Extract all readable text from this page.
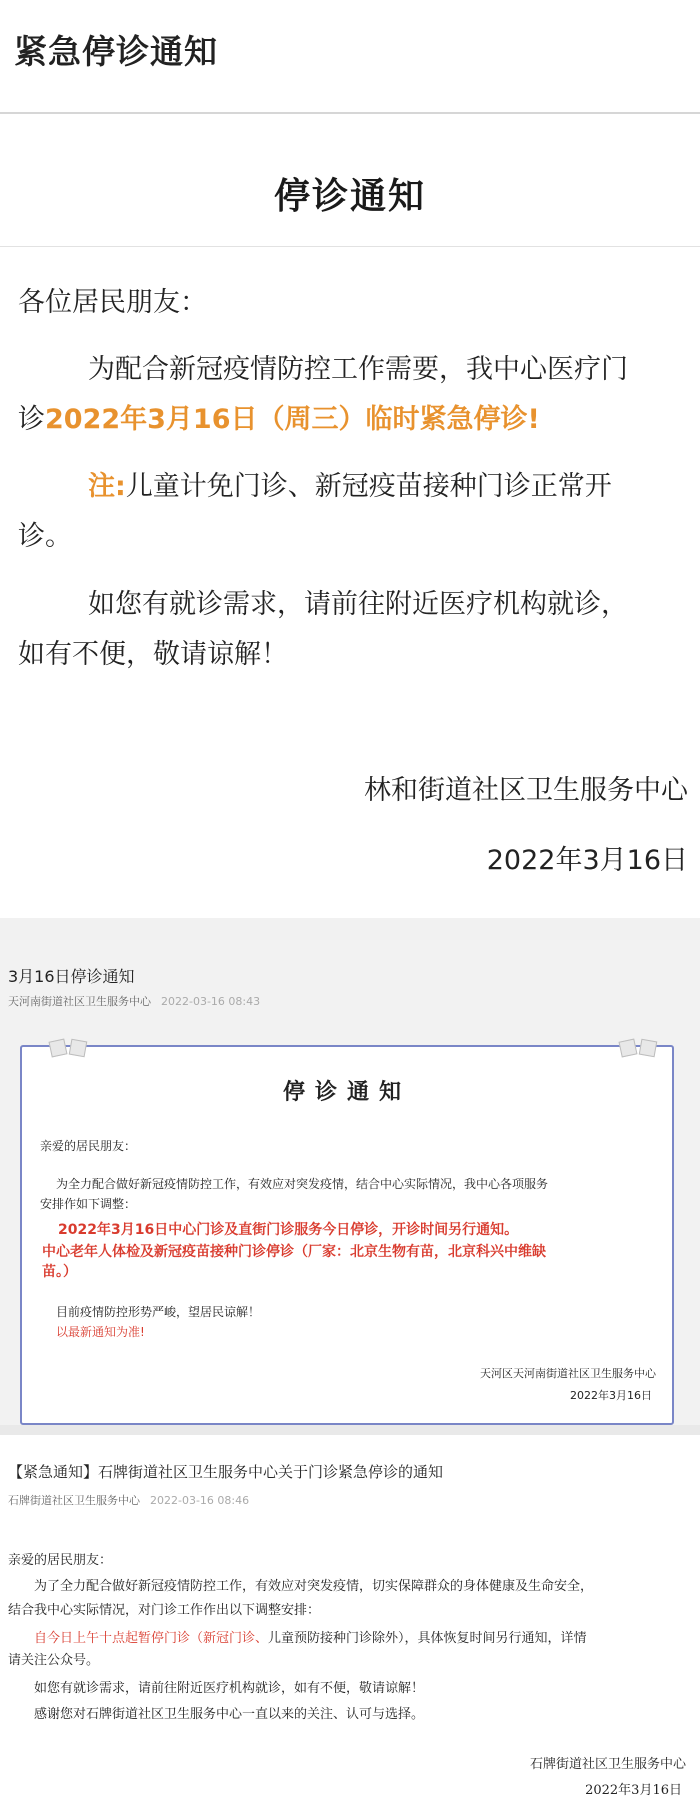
紧急停诊通知
停诊通知
各位居民朋友：
为配合新冠疫情防控工作需要，我中心医疗门
诊2022年3月16日（周三）临时紧急停诊!
注:儿童计免门诊、新冠疫苗接种门诊正常开
诊。
如您有就诊需求，请前往附近医疗机构就诊，
如有不便，敬请谅解！
林和街道社区卫生服务中心
2022年3月16日
3月16日停诊通知
天河南街道社区卫生服务中心 2022-03-16 08:43
停诊通知
亲爱的居民朋友：
为全力配合做好新冠疫情防控工作，有效应对突发疫情，结合中心实际情况，我中心各项服务
安排作如下调整：
2022年3月16日中心门诊及直街门诊服务今日停诊，开诊时间另行通知。
中心老年人体检及新冠疫苗接种门诊停诊（厂家：北京生物有苗，北京科兴中维缺
苗。）
目前疫情防控形势严峻，望居民谅解！
以最新通知为准!
天河区天河南街道社区卫生服务中心
2022年3月16日
【紧急通知】石牌街道社区卫生服务中心关于门诊紧急停诊的通知
石牌街道社区卫生服务中心 2022-03-16 08:46
亲爱的居民朋友：
为了全力配合做好新冠疫情防控工作，有效应对突发疫情，切实保障群众的身体健康及生命安全，
结合我中心实际情况，对门诊工作作出以下调整安排：
自今日上午十点起暂停门诊（新冠门诊、儿童预防接种门诊除外），具体恢复时间另行通知，详情
请关注公众号。
如您有就诊需求，请前往附近医疗机构就诊，如有不便，敬请谅解！
感谢您对石牌街道社区卫生服务中心一直以来的关注、认可与选择。
石牌街道社区卫生服务中心
2022年3月16日
